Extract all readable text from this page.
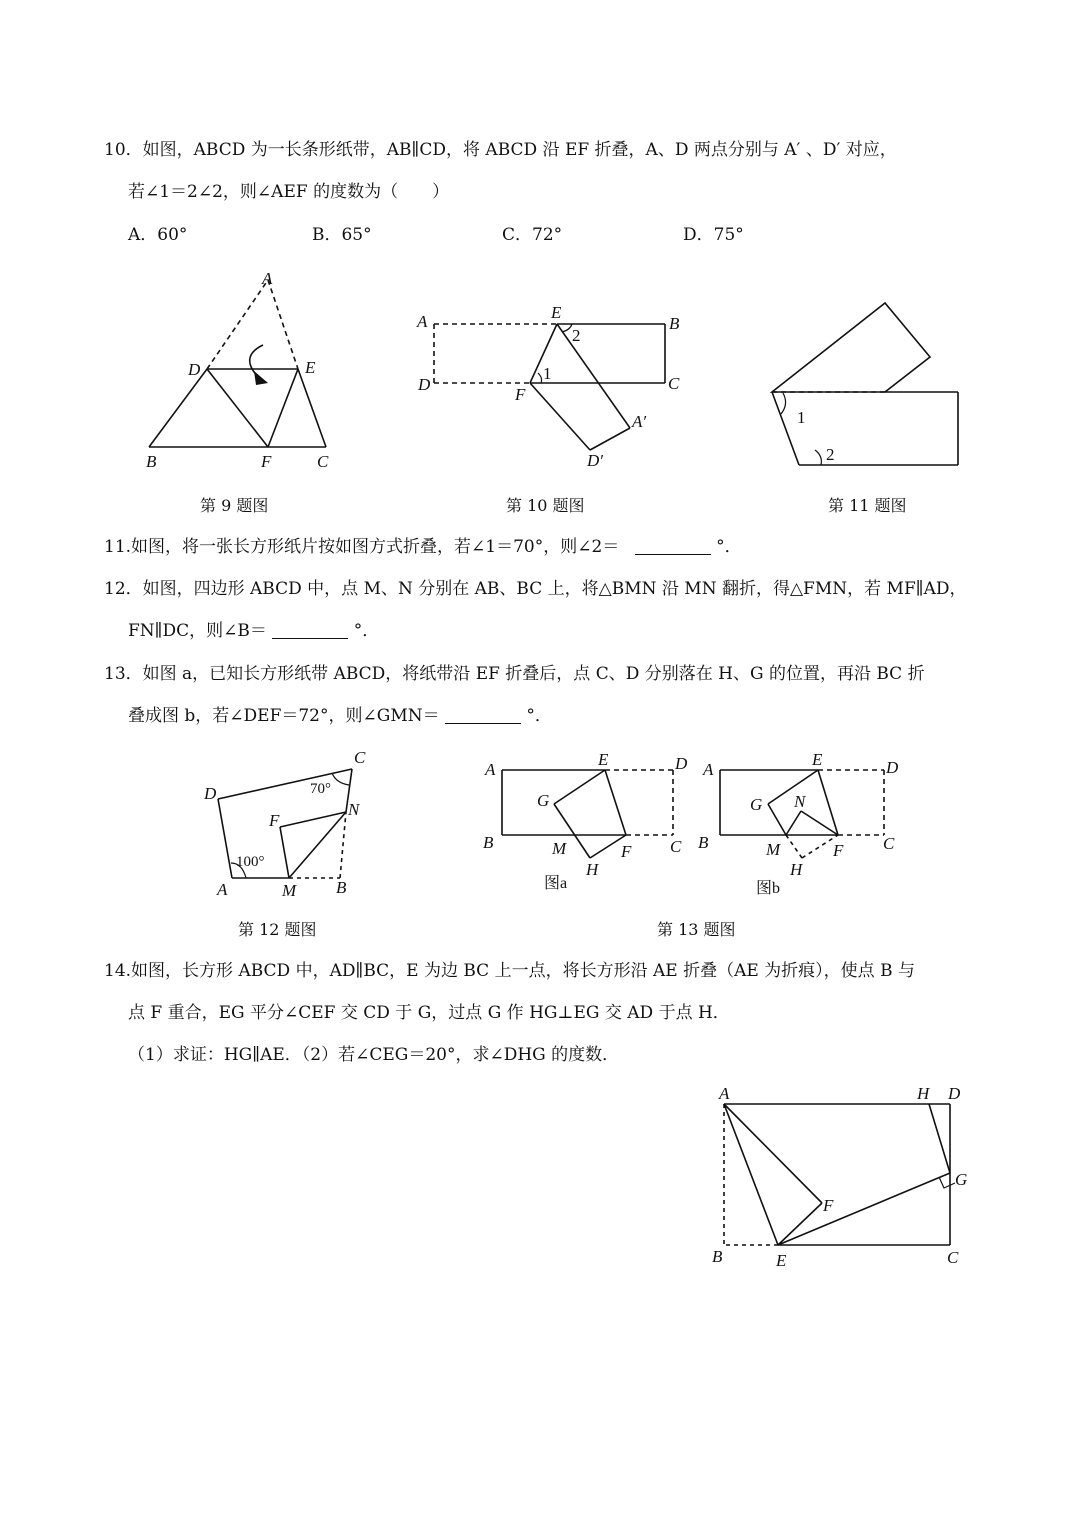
10．如图，ABCD 为一长条形纸带，AB∥CD，将 ABCD 沿 EF 折叠，A、D 两点分别与 A′ 、D′ 对应，
若∠1＝2∠2，则∠AEF 的度数为（　　）
A．60°	B．65°	C．72°	D．75°
A
D	E
B	F	C
第 9 题图
A	E
B
D	C
F
A′
D′
1
2
第 10 题图
1
2
第 11 题图
11.如图，将一张长方形纸片按如图方式折叠，若∠1＝70°，则∠2＝	°．
12．如图，四边形 ABCD 中，点 M、N 分别在 AB、BC 上，将△BMN 沿 MN 翻折，得△FMN，若 MF∥AD，
FN∥DC，则∠B＝	°．
13．如图 a，已知长方形纸带 ABCD，将纸带沿 EF 折叠后，点 C、D 分别落在 H、G 的位置，再沿 BC 折
叠成图 b，若∠DEF＝72°，则∠GMN＝	°．
D
C
F
N
A	M B
70°
100°
第 12 题图
A
E	D
G
B	M	F C
H
图a
A
E	D
G N
B	M	F C
H
图b
第 13 题图
14.如图，长方形 ABCD 中，AD∥BC，E 为边 BC 上一点，将长方形沿 AE 折叠（AE 为折痕），使点 B 与
点 F 重合，EG 平分∠CEF 交 CD 于 G，过点 G 作 HG⊥EG 交 AD 于点 H．
（1）求证：HG∥AE．（2）若∠CEG＝20°，求∠DHG 的度数．
A	H D
G
F
B	E	C
